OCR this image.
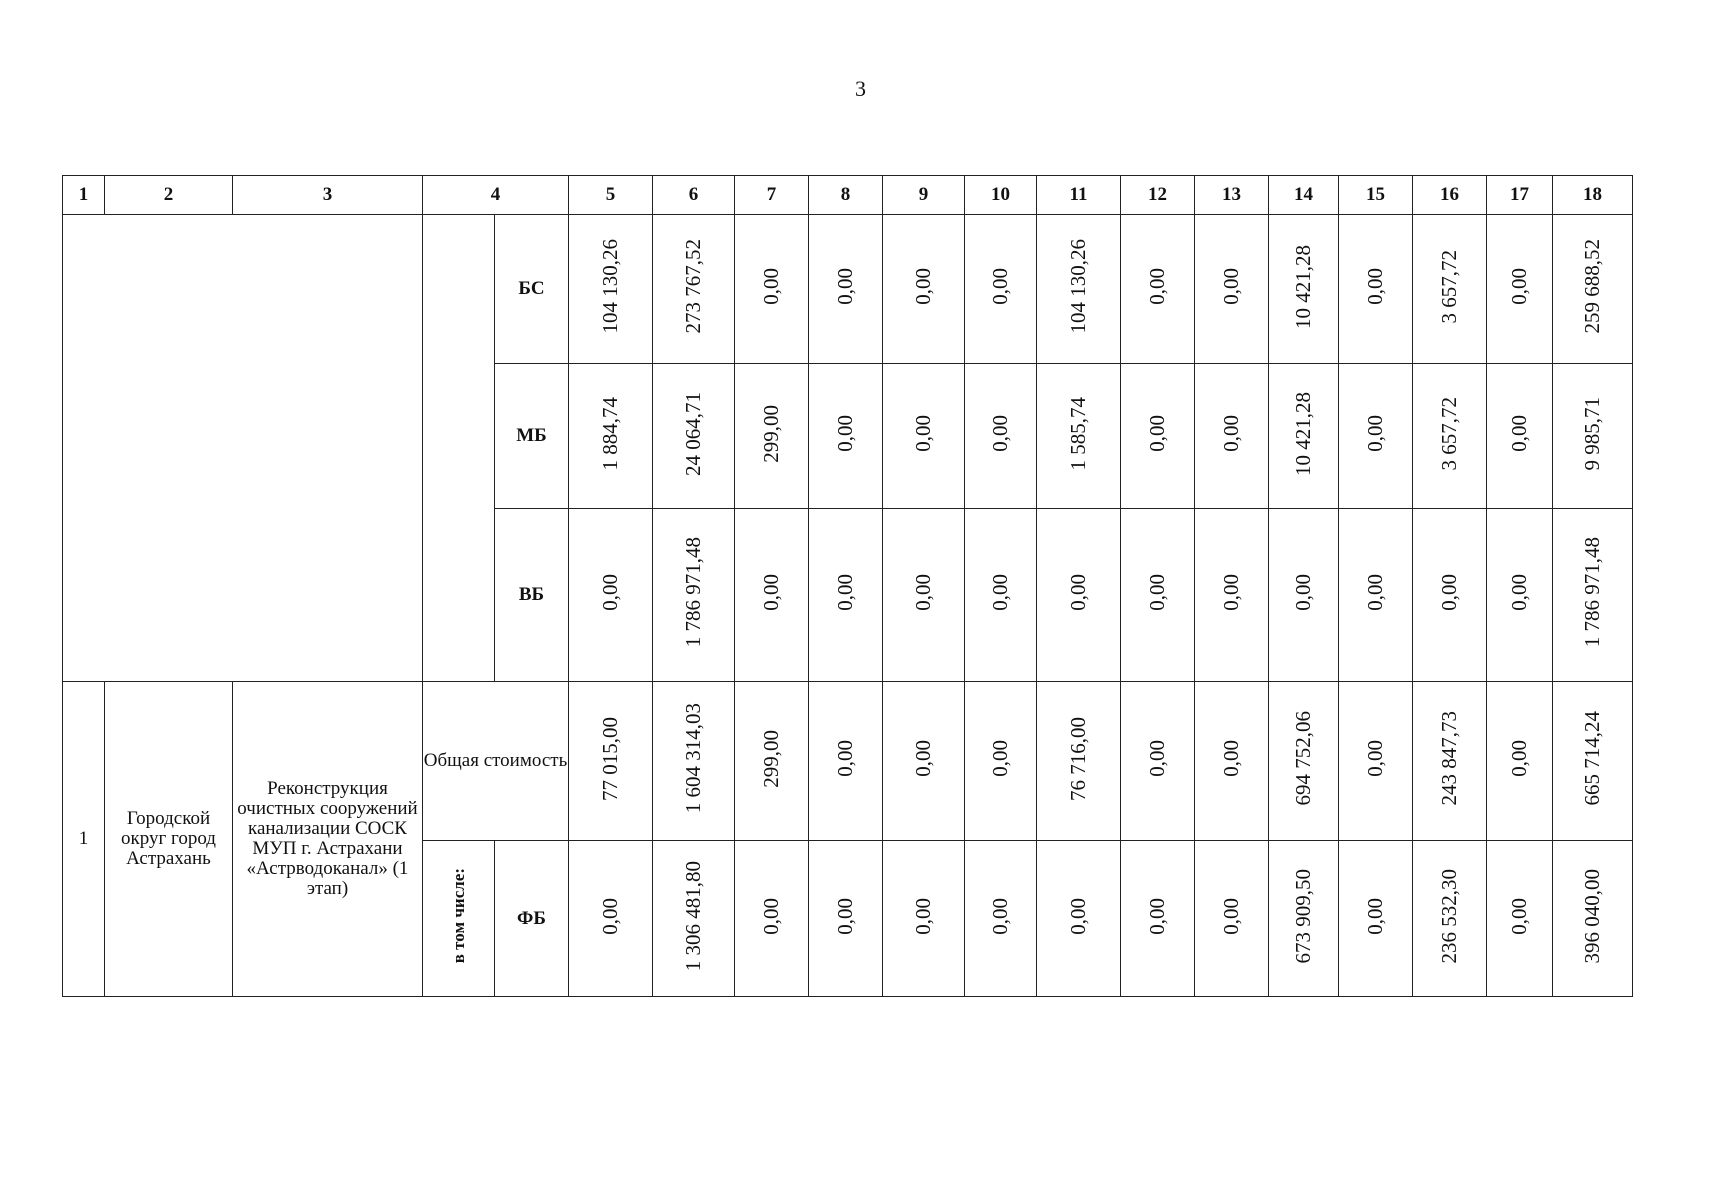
3
1	2	3	4		5	6	7	8	9	10	11	12	13	14	15	16	17	18
				БС	104 130,26	273 767,52	0,00	0,00	0,00	0,00	104 130,26	0,00	0,00	10 421,28	0,00	3 657,72	0,00	259 688,52
				МБ	1 884,74	24 064,71	299,00	0,00	0,00	0,00	1 585,74	0,00	0,00	10 421,28	0,00	3 657,72	0,00	9 985,71
				ВБ	0,00	1 786 971,48	0,00	0,00	0,00	0,00	0,00	0,00	0,00	0,00	0,00	0,00	0,00	1 786 971,48
1	Городской округ город Астрахань	Реконструкция очистных сооружений канализации СОСК МУП г. Астрахани «Астрводоканал» (1 этап)	Общая стоимость		77 015,00	1 604 314,03	299,00	0,00	0,00	0,00	76 716,00	0,00	0,00	694 752,06	0,00	243 847,73	0,00	665 714,24
			в том числе:	ФБ	0,00	1 306 481,80	0,00	0,00	0,00	0,00	0,00	0,00	0,00	673 909,50	0,00	236 532,30	0,00	396 040,00
